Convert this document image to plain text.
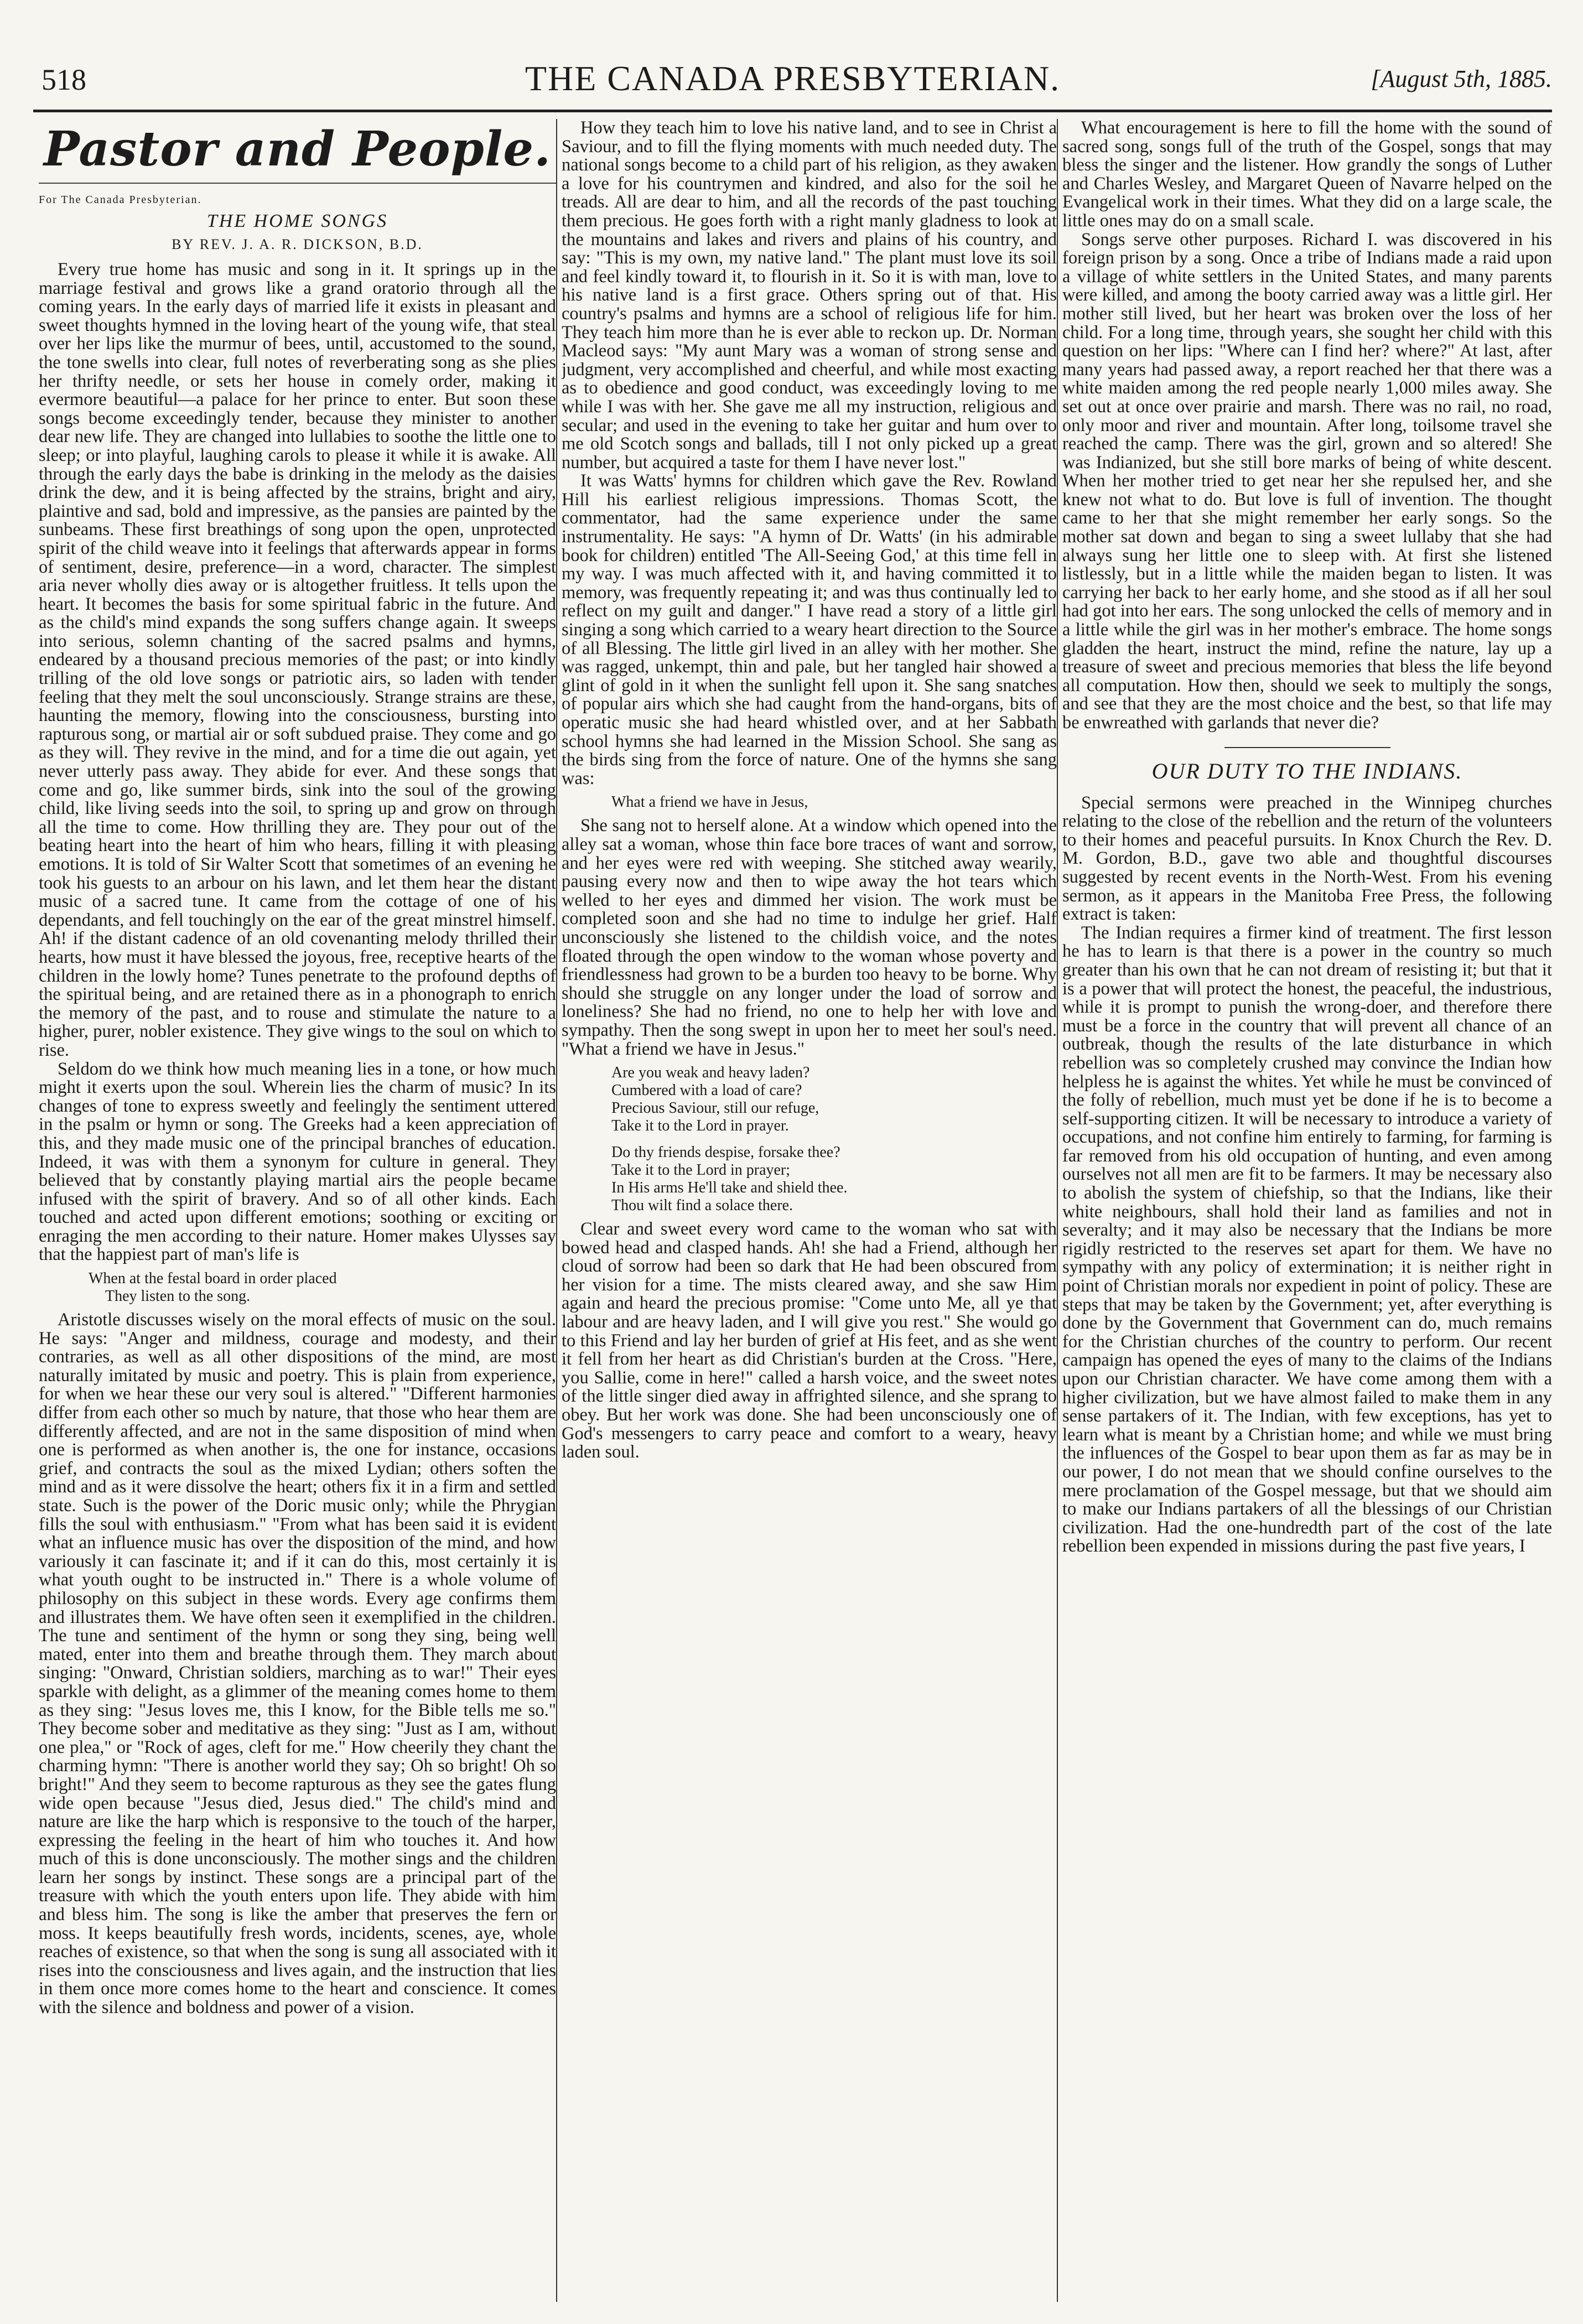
518	THE CANADA PRESBYTERIAN.	[August 5th, 1885.
Pastor and People.
For The Canada Presbyterian.
THE HOME SONGS
BY REV. J. A. R. DICKSON, B.D.

Every true home has music and song in it. It springs up in the marriage festival and grows like a grand oratorio through all the coming years. In the early days of married life it exists in pleasant and sweet thoughts hymned in the loving heart of the young wife, that steal over her lips like the murmur of bees, until, accustomed to the sound, the tone swells into clear, full notes of reverberating song as she plies her thrifty needle, or sets her house in comely order, making it evermore beautiful—a palace for her prince to enter. But soon these songs become exceedingly tender, because they minister to another dear new life. They are changed into lullabies to soothe the little one to sleep; or into playful, laughing carols to please it while it is awake. All through the early days the babe is drinking in the melody as the daisies drink the dew, and it is being affected by the strains, bright and airy, plaintive and sad, bold and impressive, as the pansies are painted by the sunbeams. These first breathings of song upon the open, unprotected spirit of the child weave into it feelings that afterwards appear in forms of sentiment, desire, preference—in a word, character. The simplest aria never wholly dies away or is altogether fruitless. It tells upon the heart. It becomes the basis for some spiritual fabric in the future. And as the child's mind expands the song suffers change again. It sweeps into serious, solemn chanting of the sacred psalms and hymns, endeared by a thousand precious memories of the past; or into kindly trilling of the old love songs or patriotic airs, so laden with tender feeling that they melt the soul unconsciously. Strange strains are these, haunting the memory, flowing into the consciousness, bursting into rapturous song, or martial air or soft subdued praise. They come and go as they will. They revive in the mind, and for a time die out again, yet never utterly pass away. They abide for ever. And these songs that come and go, like summer birds, sink into the soul of the growing child, like living seeds into the soil, to spring up and grow on through all the time to come. How thrilling they are. They pour out of the beating heart into the heart of him who hears, filling it with pleasing emotions. It is told of Sir Walter Scott that sometimes of an evening he took his guests to an arbour on his lawn, and let them hear the distant music of a sacred tune. It came from the cottage of one of his dependants, and fell touchingly on the ear of the great minstrel himself. Ah! if the distant cadence of an old covenanting melody thrilled their hearts, how must it have blessed the joyous, free, receptive hearts of the children in the lowly home? Tunes penetrate to the profound depths of the spiritual being, and are retained there as in a phonograph to enrich the memory of the past, and to rouse and stimulate the nature to a higher, purer, nobler existence. They give wings to the soul on which to rise.

Seldom do we think how much meaning lies in a tone, or how much might it exerts upon the soul. Wherein lies the charm of music? In its changes of tone to express sweetly and feelingly the sentiment uttered in the psalm or hymn or song. The Greeks had a keen appreciation of this, and they made music one of the principal branches of education. Indeed, it was with them a synonym for culture in general. They believed that by constantly playing martial airs the people became infused with the spirit of bravery. And so of all other kinds. Each touched and acted upon different emotions; soothing or exciting or enraging the men according to their nature. Homer makes Ulysses say that the happiest part of man's life is

When at the festal board in order placed
They listen to the song.

Aristotle discusses wisely on the moral effects of music on the soul. He says: "Anger and mildness, courage and modesty, and their contraries, as well as all other dispositions of the mind, are most naturally imitated by music and poetry. This is plain from experience, for when we hear these our very soul is altered." "Different harmonies differ from each other so much by nature, that those who hear them are differently affected, and are not in the same disposition of mind when one is performed as when another is, the one for instance, occasions grief, and contracts the soul as the mixed Lydian; others soften the mind and as it were dissolve the heart; others fix it in a firm and settled state. Such is the power of the Doric music only; while the Phrygian fills the soul with enthusiasm." "From what has been said it is evident what an influence music has over the disposition of the mind, and how variously it can fascinate it; and if it can do this, most certainly it is what youth ought to be instructed in." There is a whole volume of philosophy on this subject in these words. Every age confirms them and illustrates them. We have often seen it exemplified in the children. The tune and sentiment of the hymn or song they sing, being well mated, enter into them and breathe through them. They march about singing: "Onward, Christian soldiers, marching as to war!" Their eyes sparkle with delight, as a glimmer of the meaning comes home to them as they sing: "Jesus loves me, this I know, for the Bible tells me so." They become sober and meditative as they sing: "Just as I am, without one plea," or "Rock of ages, cleft for me." How cheerily they chant the charming hymn: "There is another world they say; Oh so bright! Oh so bright!" And they seem to become rapturous as they see the gates flung wide open because "Jesus died, Jesus died." The child's mind and nature are like the harp which is responsive to the touch of the harper, expressing the feeling in the heart of him who touches it. And how much of this is done unconsciously. The mother sings and the children learn her songs by instinct. These songs are a principal part of the treasure with which the youth enters upon life. They abide with him and bless him. The song is like the amber that preserves the fern or moss. It keeps beautifully fresh words, incidents, scenes, aye, whole reaches of existence, so that when the song is sung all associated with it rises into the consciousness and lives again, and the instruction that lies in them once more comes home to the heart and conscience. It comes with the silence and boldness and power of a vision.

How they teach him to love his native land, and to see in Christ a Saviour, and to fill the flying moments with much needed duty. The national songs become to a child part of his religion, as they awaken a love for his countrymen and kindred, and also for the soil he treads. All are dear to him, and all the records of the past touching them precious. He goes forth with a right manly gladness to look at the mountains and lakes and rivers and plains of his country, and say: "This is my own, my native land." The plant must love its soil and feel kindly toward it, to flourish in it. So it is with man, love to his native land is a first grace. Others spring out of that. His country's psalms and hymns are a school of religious life for him. They teach him more than he is ever able to reckon up. Dr. Norman Macleod says: "My aunt Mary was a woman of strong sense and judgment, very accomplished and cheerful, and while most exacting as to obedience and good conduct, was exceedingly loving to me while I was with her. She gave me all my instruction, religious and secular; and used in the evening to take her guitar and hum over to me old Scotch songs and ballads, till I not only picked up a great number, but acquired a taste for them I have never lost."

It was Watts' hymns for children which gave the Rev. Rowland Hill his earliest religious impressions. Thomas Scott, the commentator, had the same experience under the same instrumentality. He says: "A hymn of Dr. Watts' (in his admirable book for children) entitled 'The All-Seeing God,' at this time fell in my way. I was much affected with it, and having committed it to memory, was frequently repeating it; and was thus continually led to reflect on my guilt and danger." I have read a story of a little girl singing a song which carried to a weary heart direction to the Source of all Blessing. The little girl lived in an alley with her mother. She was ragged, unkempt, thin and pale, but her tangled hair showed a glint of gold in it when the sunlight fell upon it. She sang snatches of popular airs which she had caught from the hand-organs, bits of operatic music she had heard whistled over, and at her Sabbath school hymns she had learned in the Mission School. She sang as the birds sing from the force of nature. One of the hymns she sang was:

What a friend we have in Jesus,

She sang not to herself alone. At a window which opened into the alley sat a woman, whose thin face bore traces of want and sorrow, and her eyes were red with weeping. She stitched away wearily, pausing every now and then to wipe away the hot tears which welled to her eyes and dimmed her vision. The work must be completed soon and she had no time to indulge her grief. Half unconsciously she listened to the childish voice, and the notes floated through the open window to the woman whose poverty and friendlessness had grown to be a burden too heavy to be borne. Why should she struggle on any longer under the load of sorrow and loneliness? She had no friend, no one to help her with love and sympathy. Then the song swept in upon her to meet her soul's need. "What a friend we have in Jesus."

Are you weak and heavy laden?
Cumbered with a load of care?
Precious Saviour, still our refuge,
Take it to the Lord in prayer.
Do thy friends despise, forsake thee?
Take it to the Lord in prayer;
In His arms He'll take and shield thee.
Thou wilt find a solace there.

Clear and sweet every word came to the woman who sat with bowed head and clasped hands. Ah! she had a Friend, although her cloud of sorrow had been so dark that He had been obscured from her vision for a time. The mists cleared away, and she saw Him again and heard the precious promise: "Come unto Me, all ye that labour and are heavy laden, and I will give you rest." She would go to this Friend and lay her burden of grief at His feet, and as she went it fell from her heart as did Christian's burden at the Cross. "Here, you Sallie, come in here!" called a harsh voice, and the sweet notes of the little singer died away in affrighted silence, and she sprang to obey. But her work was done. She had been unconsciously one of God's messengers to carry peace and comfort to a weary, heavy laden soul.

What encouragement is here to fill the home with the sound of sacred song, songs full of the truth of the Gospel, songs that may bless the singer and the listener. How grandly the songs of Luther and Charles Wesley, and Margaret Queen of Navarre helped on the Evangelical work in their times. What they did on a large scale, the little ones may do on a small scale.

Songs serve other purposes. Richard I. was discovered in his foreign prison by a song. Once a tribe of Indians made a raid upon a village of white settlers in the United States, and many parents were killed, and among the booty carried away was a little girl. Her mother still lived, but her heart was broken over the loss of her child. For a long time, through years, she sought her child with this question on her lips: "Where can I find her? where?" At last, after many years had passed away, a report reached her that there was a white maiden among the red people nearly 1,000 miles away. She set out at once over prairie and marsh. There was no rail, no road, only moor and river and mountain. After long, toilsome travel she reached the camp. There was the girl, grown and so altered! She was Indianized, but she still bore marks of being of white descent. When her mother tried to get near her she repulsed her, and she knew not what to do. But love is full of invention. The thought came to her that she might remember her early songs. So the mother sat down and began to sing a sweet lullaby that she had always sung her little one to sleep with. At first she listened listlessly, but in a little while the maiden began to listen. It was carrying her back to her early home, and she stood as if all her soul had got into her ears. The song unlocked the cells of memory and in a little while the girl was in her mother's embrace. The home songs gladden the heart, instruct the mind, refine the nature, lay up a treasure of sweet and precious memories that bless the life beyond all computation. How then, should we seek to multiply the songs, and see that they are the most choice and the best, so that life may be enwreathed with garlands that never die?

OUR DUTY TO THE INDIANS.

Special sermons were preached in the Winnipeg churches relating to the close of the rebellion and the return of the volunteers to their homes and peaceful pursuits. In Knox Church the Rev. D. M. Gordon, B.D., gave two able and thoughtful discourses suggested by recent events in the North-West. From his evening sermon, as it appears in the Manitoba Free Press, the following extract is taken:

The Indian requires a firmer kind of treatment. The first lesson he has to learn is that there is a power in the country so much greater than his own that he can not dream of resisting it; but that it is a power that will protect the honest, the peaceful, the industrious, while it is prompt to punish the wrong-doer, and therefore there must be a force in the country that will prevent all chance of an outbreak, though the results of the late disturbance in which rebellion was so completely crushed may convince the Indian how helpless he is against the whites. Yet while he must be convinced of the folly of rebellion, much must yet be done if he is to become a self-supporting citizen. It will be necessary to introduce a variety of occupations, and not confine him entirely to farming, for farming is far removed from his old occupation of hunting, and even among ourselves not all men are fit to be farmers. It may be necessary also to abolish the system of chiefship, so that the Indians, like their white neighbours, shall hold their land as families and not in severalty; and it may also be necessary that the Indians be more rigidly restricted to the reserves set apart for them. We have no sympathy with any policy of extermination; it is neither right in point of Christian morals nor expedient in point of policy. These are steps that may be taken by the Government; yet, after everything is done by the Government that Government can do, much remains for the Christian churches of the country to perform. Our recent campaign has opened the eyes of many to the claims of the Indians upon our Christian character. We have come among them with a higher civilization, but we have almost failed to make them in any sense partakers of it. The Indian, with few exceptions, has yet to learn what is meant by a Christian home; and while we must bring the influences of the Gospel to bear upon them as far as may be in our power, I do not mean that we should confine ourselves to the mere proclamation of the Gospel message, but that we should aim to make our Indians partakers of all the blessings of our Christian civilization. Had the one-hundredth part of the cost of the late rebellion been expended in missions during the past five years, I
